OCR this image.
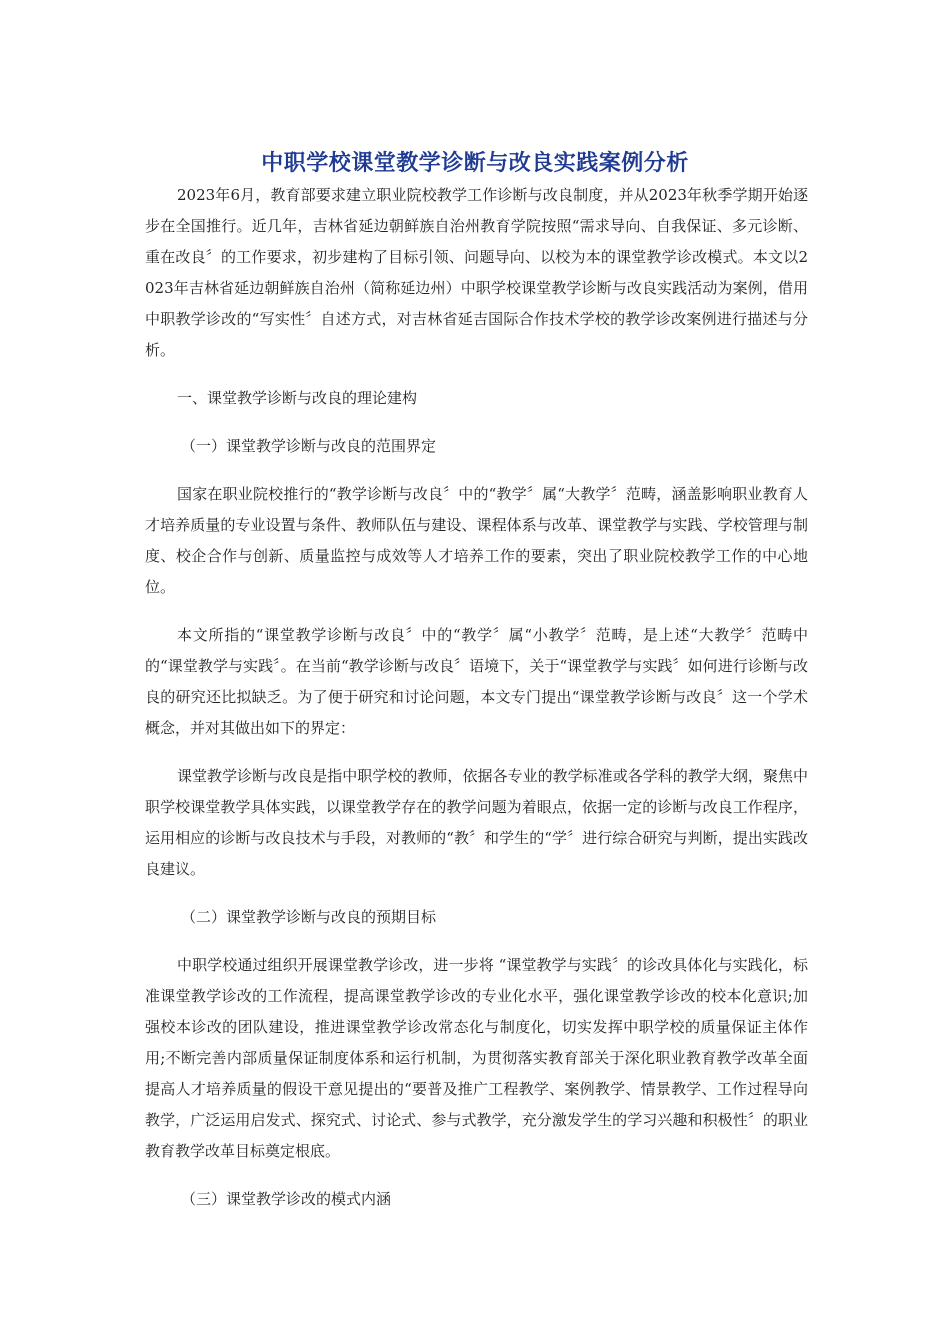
中职学校课堂教学诊断与改良实践案例分析

2023年6月，教育部要求建立职业院校教学工作诊断与改良制度，并从2023年秋季学期开始逐步在全国推行。近几年，吉林省延边朝鲜族自治州教育学院按照“需求导向、自我保证、多元诊断、重在改良〞的工作要求，初步建构了目标引领、问题导向、以校为本的课堂教学诊改模式。本文以2023年吉林省延边朝鲜族自治州（简称延边州）中职学校课堂教学诊断与改良实践活动为案例，借用中职教学诊改的“写实性〞自述方式，对吉林省延吉国际合作技术学校的教学诊改案例进行描述与分析。

一、课堂教学诊断与改良的理论建构

（一）课堂教学诊断与改良的范围界定

国家在职业院校推行的“教学诊断与改良〞中的“教学〞属“大教学〞范畴，涵盖影响职业教育人才培养质量的专业设置与条件、教师队伍与建设、课程体系与改革、课堂教学与实践、学校管理与制度、校企合作与创新、质量监控与成效等人才培养工作的要素，突出了职业院校教学工作的中心地位。

本文所指的“课堂教学诊断与改良〞中的“教学〞属“小教学〞范畴，是上述“大教学〞范畴中的“课堂教学与实践〞。在当前“教学诊断与改良〞语境下，关于“课堂教学与实践〞如何进行诊断与改良的研究还比拟缺乏。为了便于研究和讨论问题，本文专门提出“课堂教学诊断与改良〞这一个学术概念，并对其做出如下的界定：

课堂教学诊断与改良是指中职学校的教师，依据各专业的教学标准或各学科的教学大纲，聚焦中职学校课堂教学具体实践，以课堂教学存在的教学问题为着眼点，依据一定的诊断与改良工作程序，运用相应的诊断与改良技术与手段，对教师的“教〞和学生的“学〞进行综合研究与判断，提出实践改良建议。

（二）课堂教学诊断与改良的预期目标

中职学校通过组织开展课堂教学诊改，进一步将 “课堂教学与实践〞的诊改具体化与实践化，标准课堂教学诊改的工作流程，提高课堂教学诊改的专业化水平，强化课堂教学诊改的校本化意识;加强校本诊改的团队建设，推进课堂教学诊改常态化与制度化，切实发挥中职学校的质量保证主体作用;不断完善内部质量保证制度体系和运行机制，为贯彻落实教育部关于深化职业教育教学改革全面提高人才培养质量的假设干意见提出的“要普及推广工程教学、案例教学、情景教学、工作过程导向教学，广泛运用启发式、探究式、讨论式、参与式教学，充分激发学生的学习兴趣和积极性〞的职业教育教学改革目标奠定根底。

（三）课堂教学诊改的模式内涵
